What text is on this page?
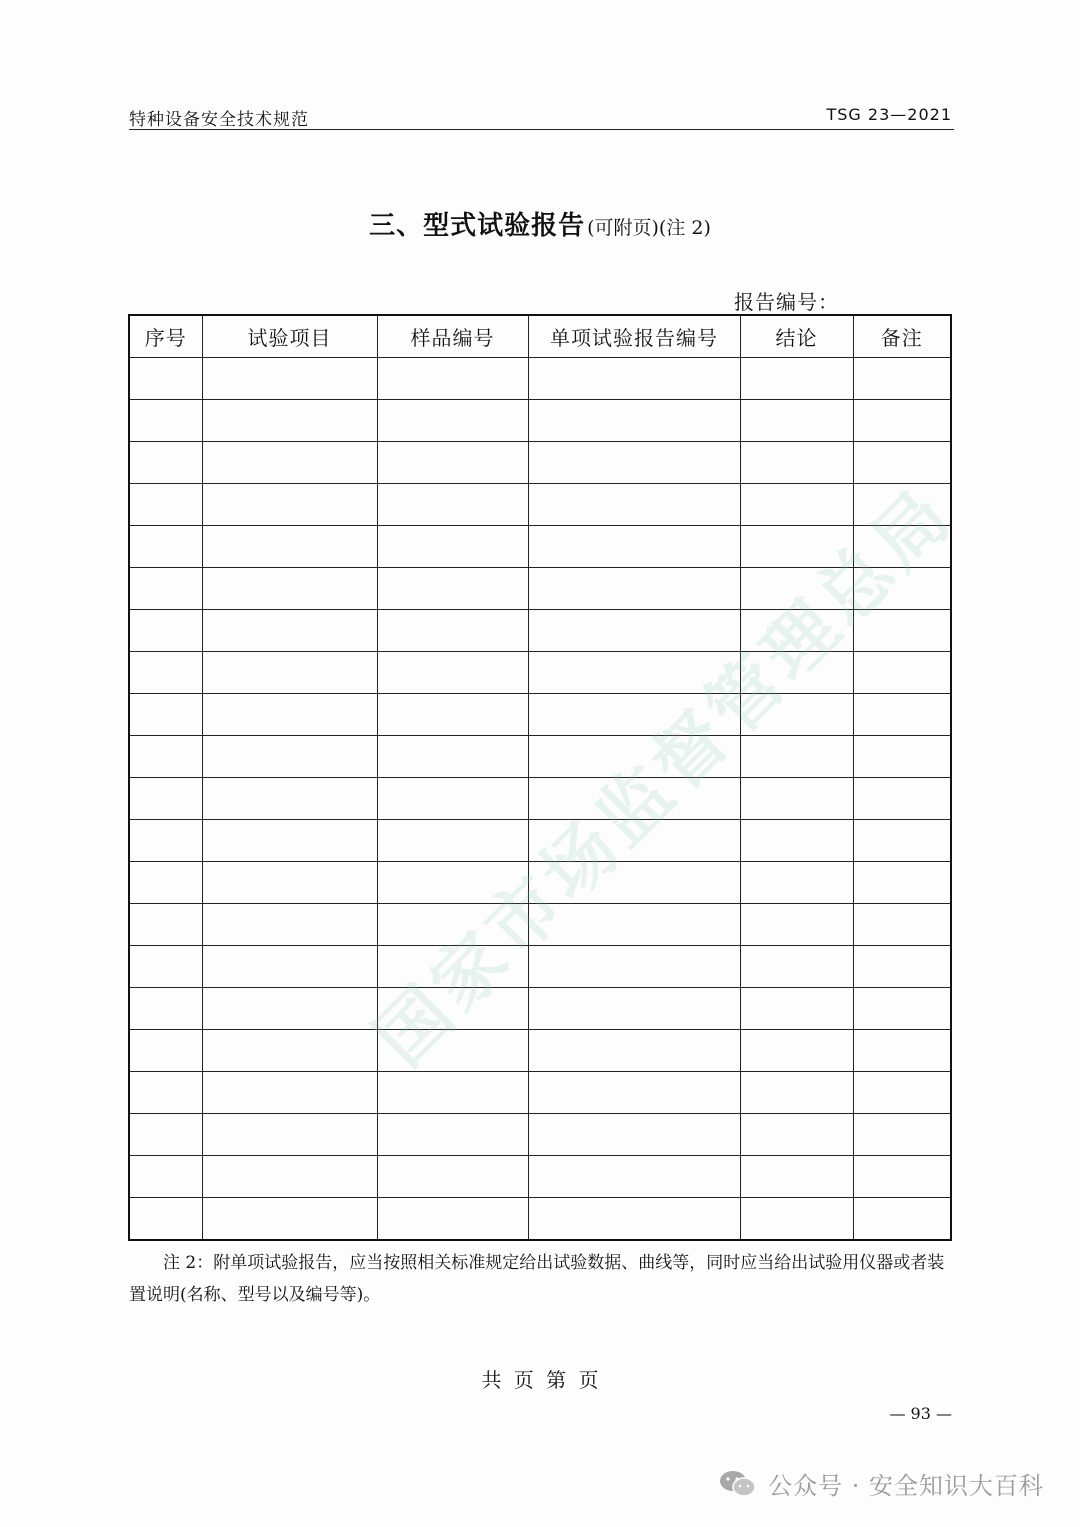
特种设备安全技术规范	TSG 23—2021
三、型式试验报告 (可附页)(注 2)
报告编号：
序号	试验项目	样品编号	单项试验报告编号	结论	备注

国家市场监督管理总局
注 2：附单项试验报告，应当按照相关标准规定给出试验数据、曲线等，同时应当给出试验用仪器或者装置说明(名称、型号以及编号等)。
共 页 第 页
— 93 —
公众号 · 安全知识大百科
